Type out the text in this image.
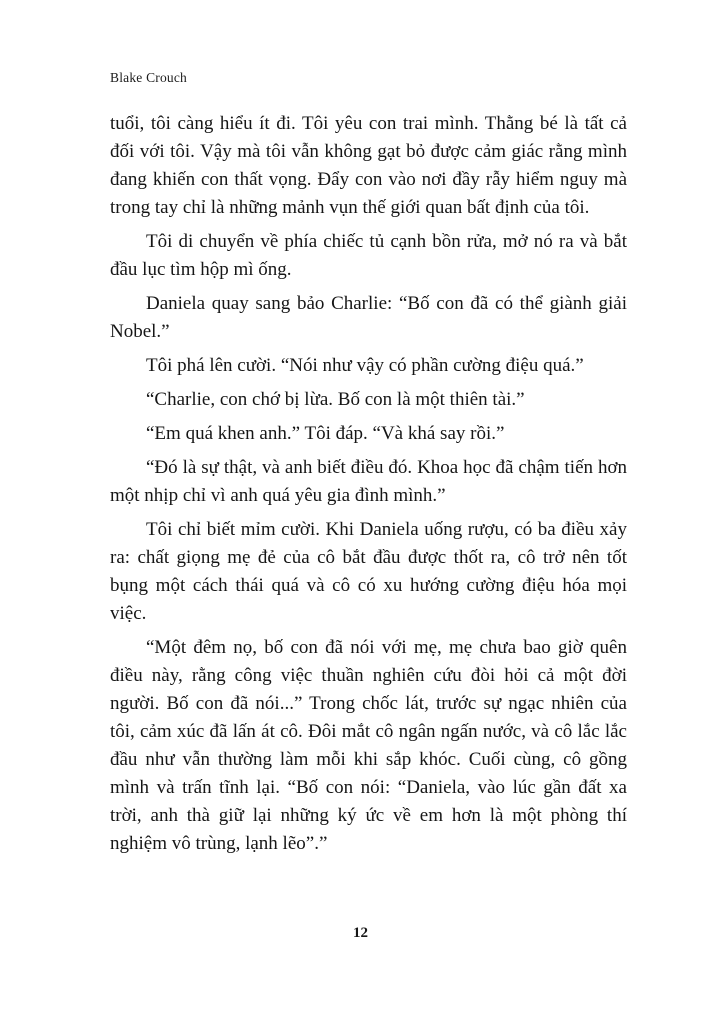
Blake Crouch

tuổi, tôi càng hiểu ít đi. Tôi yêu con trai mình. Thằng bé là tất cả đối với tôi. Vậy mà tôi vẫn không gạt bỏ được cảm giác rằng mình đang khiến con thất vọng. Đẩy con vào nơi đầy rẫy hiểm nguy mà trong tay chỉ là những mảnh vụn thế giới quan bất định của tôi.

Tôi di chuyển về phía chiếc tủ cạnh bồn rửa, mở nó ra và bắt đầu lục tìm hộp mì ống.

Daniela quay sang bảo Charlie: “Bố con đã có thể giành giải Nobel.”

Tôi phá lên cười. “Nói như vậy có phần cường điệu quá.”

“Charlie, con chớ bị lừa. Bố con là một thiên tài.”

“Em quá khen anh.” Tôi đáp. “Và khá say rồi.”

“Đó là sự thật, và anh biết điều đó. Khoa học đã chậm tiến hơn một nhịp chỉ vì anh quá yêu gia đình mình.”

Tôi chỉ biết mỉm cười. Khi Daniela uống rượu, có ba điều xảy ra: chất giọng mẹ đẻ của cô bắt đầu được thốt ra, cô trở nên tốt bụng một cách thái quá và cô có xu hướng cường điệu hóa mọi việc.

“Một đêm nọ, bố con đã nói với mẹ, mẹ chưa bao giờ quên điều này, rằng công việc thuần nghiên cứu đòi hỏi cả một đời người. Bố con đã nói...” Trong chốc lát, trước sự ngạc nhiên của tôi, cảm xúc đã lấn át cô. Đôi mắt cô ngân ngấn nước, và cô lắc lắc đầu như vẫn thường làm mỗi khi sắp khóc. Cuối cùng, cô gồng mình và trấn tĩnh lại. “Bố con nói: “Daniela, vào lúc gần đất xa trời, anh thà giữ lại những ký ức về em hơn là một phòng thí nghiệm vô trùng, lạnh lẽo”.”

12
